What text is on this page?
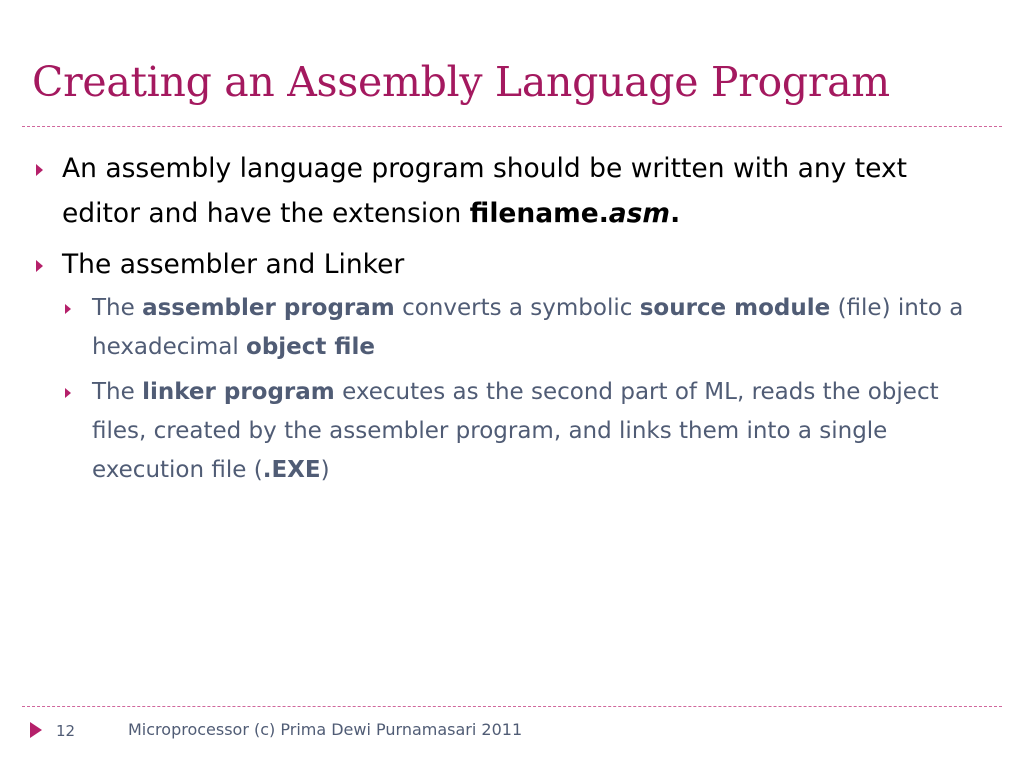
Creating an Assembly Language Program
An assembly language program should be written with any text editor and have the extension filename.asm.
The assembler and Linker
The assembler program converts a symbolic source module (file) into a hexadecimal object file
The linker program executes as the second part of ML, reads the object files, created by the assembler program, and links them into a single execution file (.EXE)
12	Microprocessor (c) Prima Dewi Purnamasari 2011
